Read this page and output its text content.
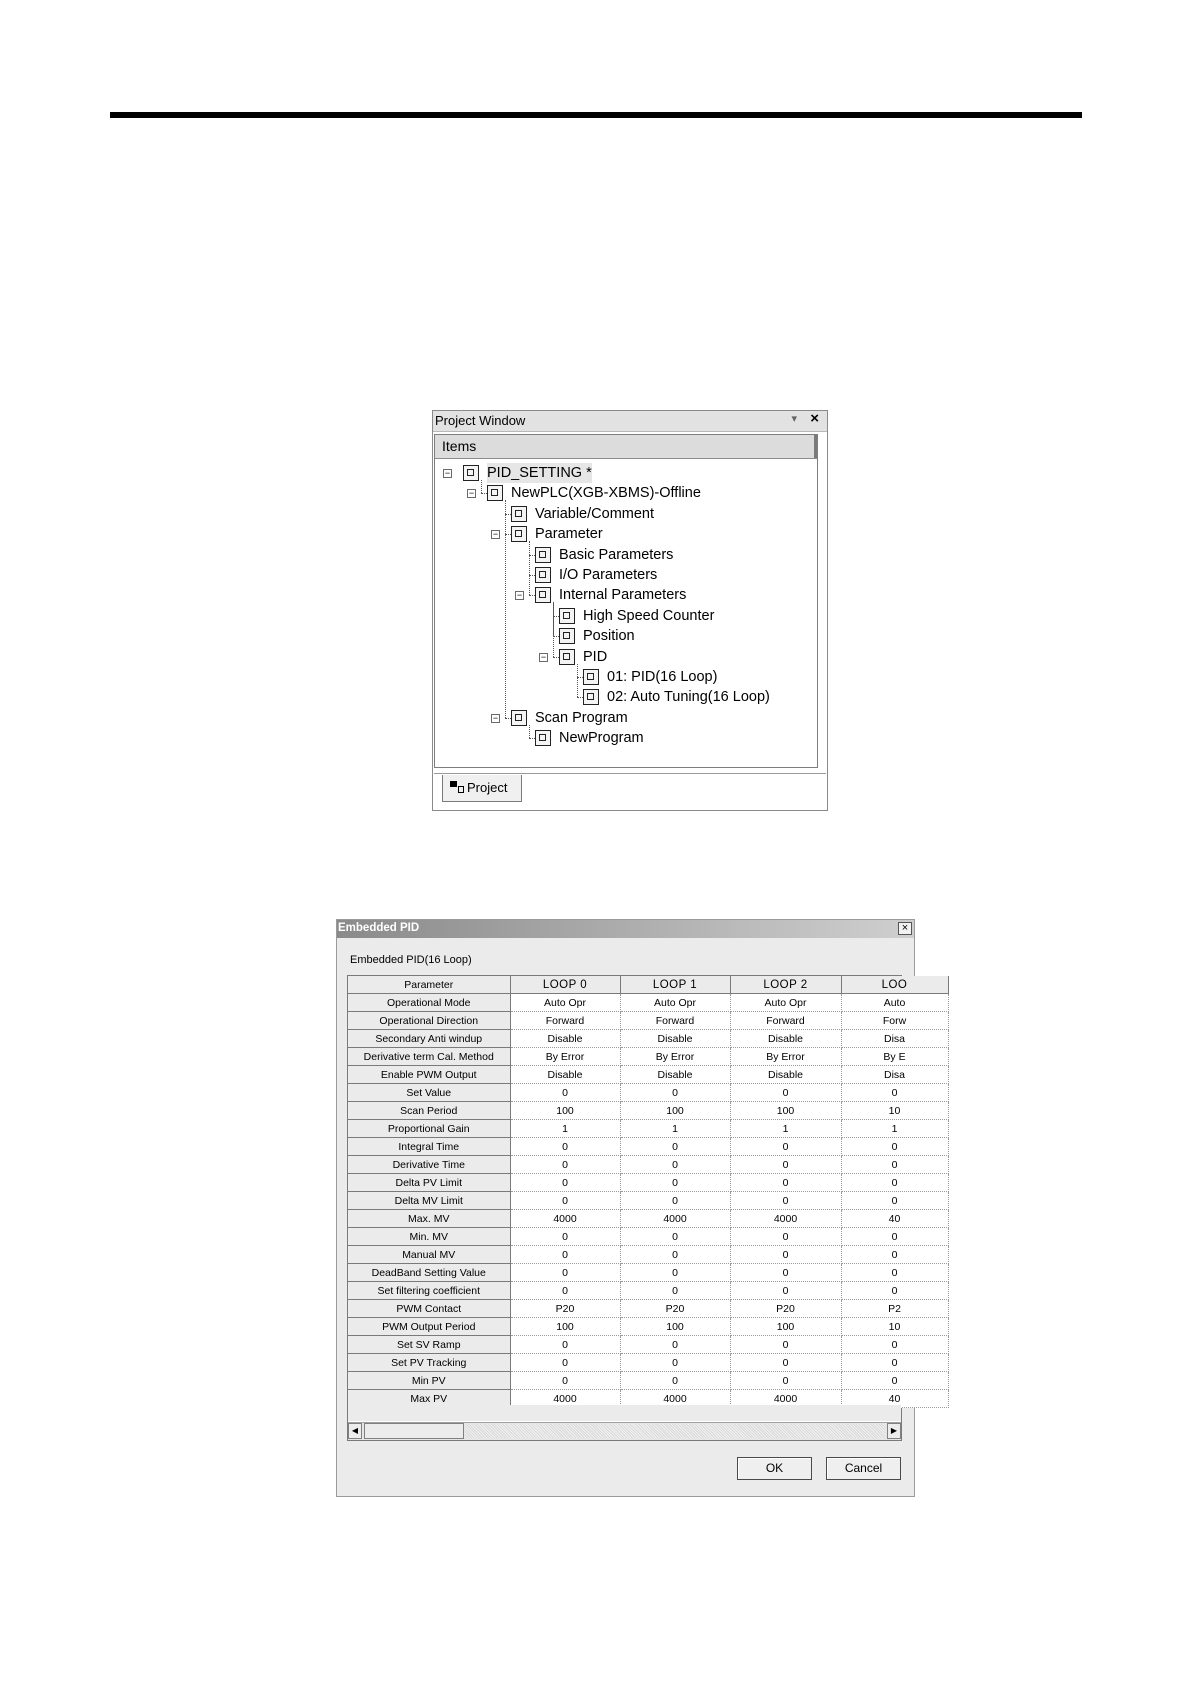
Project Window	▾ ×
Items
−	PID_SETTING *
−	NewPLC(XGB-XBMS)-Offline
Variable/Comment
−	Parameter
Basic Parameters
I/O Parameters
−	Internal Parameters
High Speed Counter
Position
−	PID
01: PID(16 Loop)
02: Auto Tuning(16 Loop)
−	Scan Program
NewProgram
Project
Embedded PID	×
Embedded PID(16 Loop)
Parameter	LOOP 0	LOOP 1	LOOP 2	LOO
Operational Mode	Auto Opr	Auto Opr	Auto Opr	Auto
Operational Direction	Forward	Forward	Forward	Forw
Secondary Anti windup	Disable	Disable	Disable	Disa
Derivative term Cal. Method	By Error	By Error	By Error	By E
Enable PWM Output	Disable	Disable	Disable	Disa
Set Value	0	0	0	0
Scan Period	100	100	100	10
Proportional Gain	1	1	1	1
Integral Time	0	0	0	0
Derivative Time	0	0	0	0
Delta PV Limit	0	0	0	0
Delta MV Limit	0	0	0	0
Max. MV	4000	4000	4000	40
Min. MV	0	0	0	0
Manual MV	0	0	0	0
DeadBand Setting Value	0	0	0	0
Set filtering coefficient	0	0	0	0
PWM Contact	P20	P20	P20	P2
PWM Output Period	100	100	100	10
Set SV Ramp	0	0	0	0
Set PV Tracking	0	0	0	0
Min PV	0	0	0	0
Max PV	4000	4000	4000	40
◀	▶
OK	Cancel
